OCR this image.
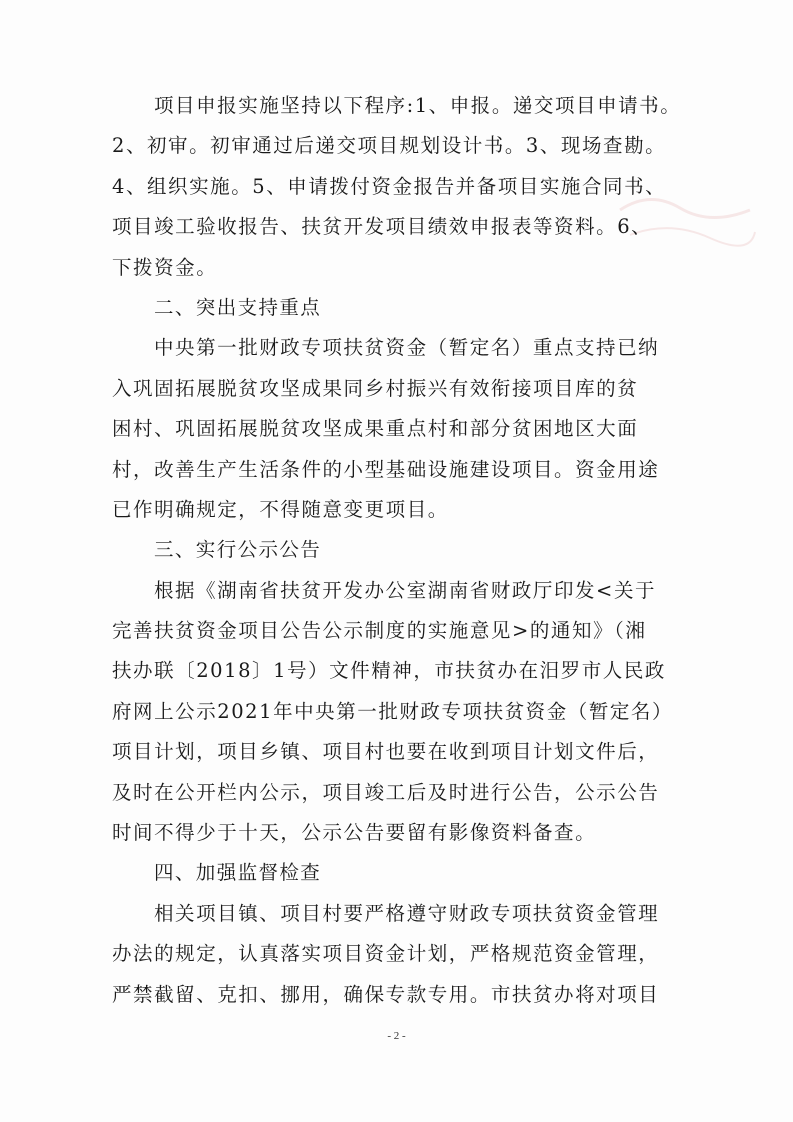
项目申报实施坚持以下程序:1、申报。递交项目申请书。
2、初审。初审通过后递交项目规划设计书。3、现场查勘。
4、组织实施。5、申请拨付资金报告并备项目实施合同书、
项目竣工验收报告、扶贫开发项目绩效申报表等资料。6、
下拨资金。
二、突出支持重点
中央第一批财政专项扶贫资金（暂定名）重点支持已纳
入巩固拓展脱贫攻坚成果同乡村振兴有效衔接项目库的贫
困村、巩固拓展脱贫攻坚成果重点村和部分贫困地区大面
村，改善生产生活条件的小型基础设施建设项目。资金用途
已作明确规定，不得随意变更项目。
三、实行公示公告
根据《湖南省扶贫开发办公室湖南省财政厅印发<关于
完善扶贫资金项目公告公示制度的实施意见>的通知》（湘
扶办联〔2018〕1号）文件精神，市扶贫办在汨罗市人民政
府网上公示2021年中央第一批财政专项扶贫资金（暂定名）
项目计划，项目乡镇、项目村也要在收到项目计划文件后，
及时在公开栏内公示，项目竣工后及时进行公告，公示公告
时间不得少于十天，公示公告要留有影像资料备查。
四、加强监督检查
相关项目镇、项目村要严格遵守财政专项扶贫资金管理
办法的规定，认真落实项目资金计划，严格规范资金管理，
严禁截留、克扣、挪用，确保专款专用。市扶贫办将对项目
- 2 -
